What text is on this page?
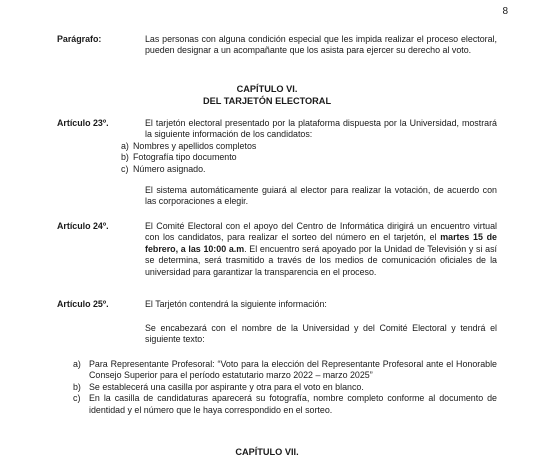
8
Parágrafo:	Las personas con alguna condición especial que les impida realizar el proceso electoral, pueden designar a un acompañante que los asista para ejercer su derecho al voto.
CAPÍTULO VI.
DEL TARJETÓN ELECTORAL
Artículo 23º.	El tarjetón electoral presentado por la plataforma dispuesta por la Universidad, mostrará la siguiente información de los candidatos:
a) Nombres y apellidos completos
b) Fotografía tipo documento
c) Número asignado.
El sistema automáticamente guiará al elector para realizar la votación, de acuerdo con las corporaciones a elegir.
Artículo 24º.	El Comité Electoral con el apoyo del Centro de Informática dirigirá un encuentro virtual con los candidatos, para realizar el sorteo del número en el tarjetón, el martes 15 de febrero, a las 10:00 a.m. El encuentro será apoyado por la Unidad de Televisión y si así se determina, será trasmitido a través de los medios de comunicación oficiales de la universidad para garantizar la transparencia en el proceso.
Artículo 25º.	El Tarjetón contendrá la siguiente información:
Se encabezará con el nombre de la Universidad y del Comité Electoral y tendrá el siguiente texto:
a) Para Representante Profesoral: “Voto para la elección del Representante Profesoral ante el Honorable Consejo Superior para el período estatutario marzo 2022 – marzo 2025”
b) Se establecerá una casilla por aspirante y otra para el voto en blanco.
c) En la casilla de candidaturas aparecerá su fotografía, nombre completo conforme al documento de identidad y el número que le haya correspondido en el sorteo.
CAPÍTULO VII.
